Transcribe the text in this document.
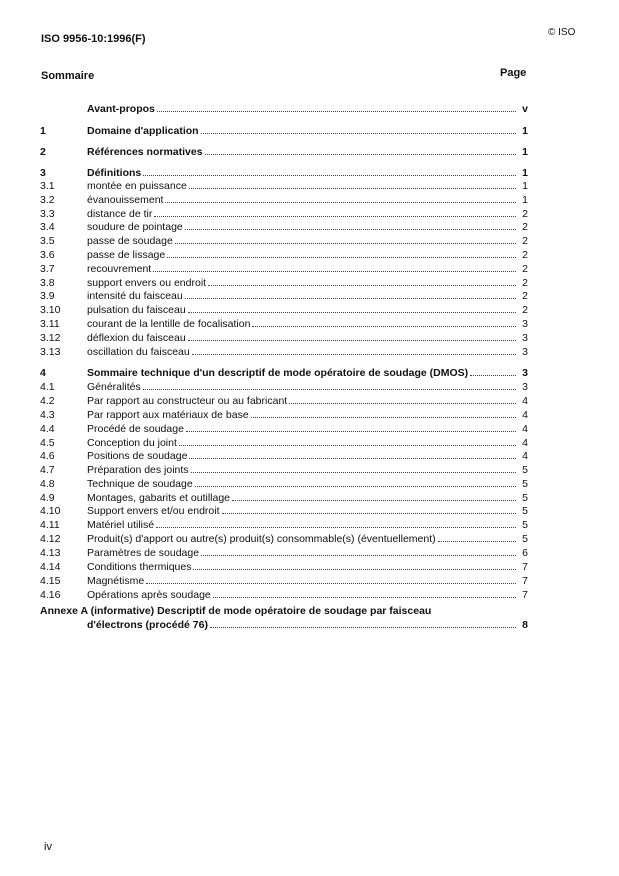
ISO 9956-10:1996(F)
© ISO
Sommaire	Page
Avant-propos	v
1	Domaine d'application	1
2	Références normatives	1
3	Définitions	1
3.1	montée en puissance	1
3.2	évanouissement	1
3.3	distance de tir	2
3.4	soudure de pointage	2
3.5	passe de soudage	2
3.6	passe de lissage	2
3.7	recouvrement	2
3.8	support envers ou endroit	2
3.9	intensité du faisceau	2
3.10	pulsation du faisceau	2
3.11	courant de la lentille de focalisation	3
3.12	déflexion du faisceau	3
3.13	oscillation du faisceau	3
4	Sommaire technique d'un descriptif de mode opératoire de soudage (DMOS)	3
4.1	Généralités	3
4.2	Par rapport au constructeur ou au fabricant	4
4.3	Par rapport aux matériaux de base	4
4.4	Procédé de soudage	4
4.5	Conception du joint	4
4.6	Positions de soudage	4
4.7	Préparation des joints	5
4.8	Technique de soudage	5
4.9	Montages, gabarits et outillage	5
4.10	Support envers et/ou endroit	5
4.11	Matériel utilisé	5
4.12	Produit(s) d'apport ou autre(s) produit(s) consommable(s) (éventuellement)	5
4.13	Paramètres de soudage	6
4.14	Conditions thermiques	7
4.15	Magnétisme	7
4.16	Opérations après soudage	7
Annexe A (informative) Descriptif de mode opératoire de soudage par faisceau
d'électrons (procédé 76)	8
iv
